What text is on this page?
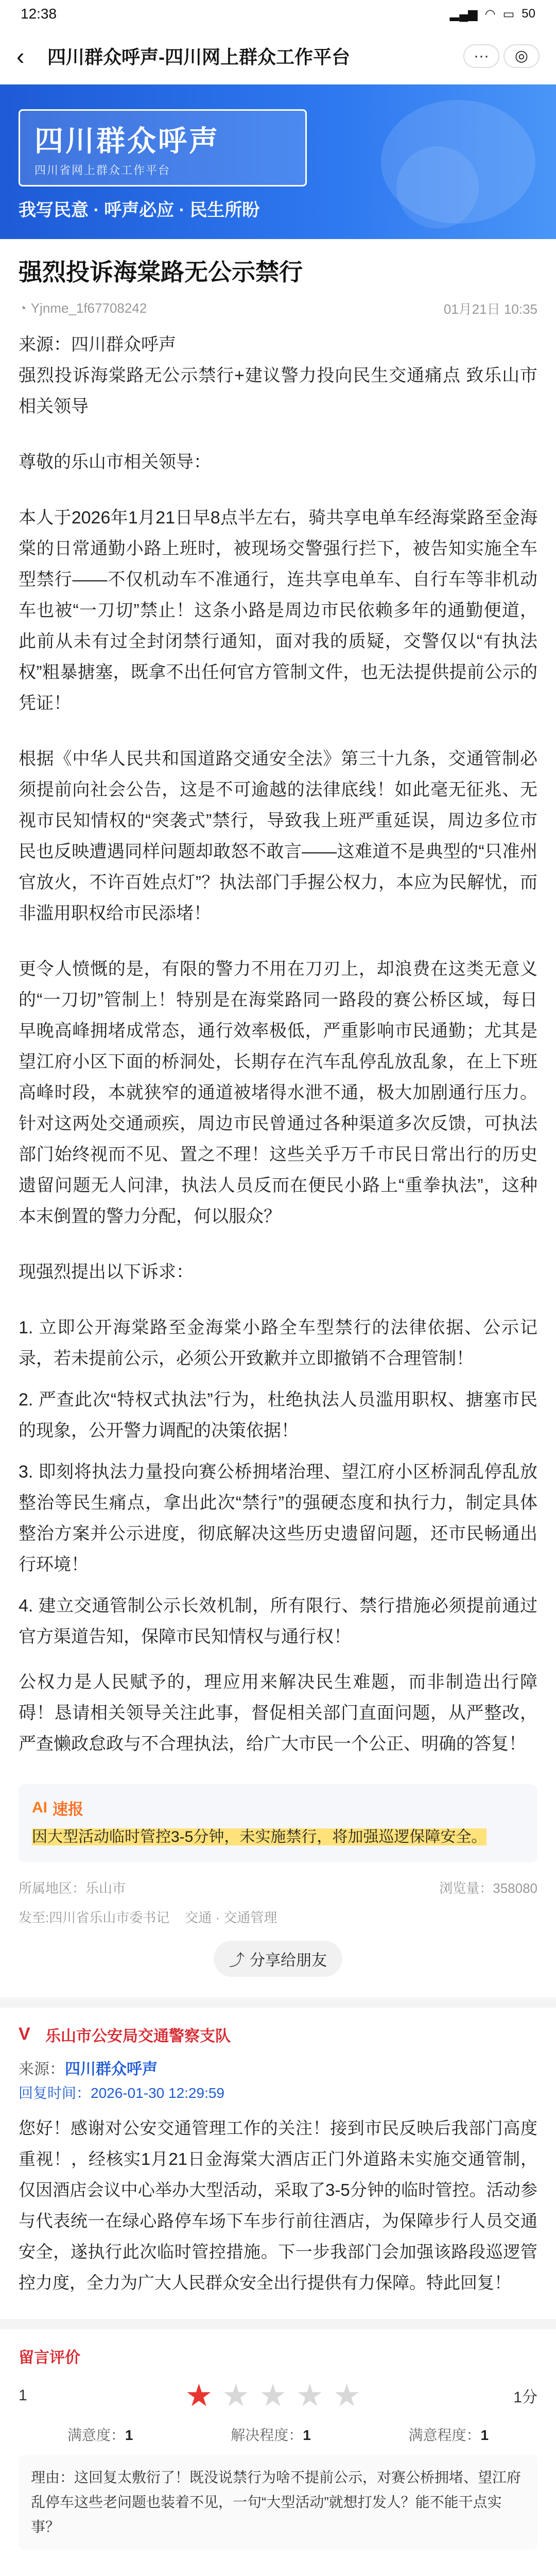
12:38	▂▄▆ ◠ ▭ 50
‹	四川群众呼声-四川网上群众工作平台	···	◎
四川群众呼声
四川省网上群众工作平台
我写民意 · 呼声必应 · 民生所盼
强烈投诉海棠路无公示禁行
◔ Yjnme_1f67708242	01月21日 10:35

来源：四川群众呼声

强烈投诉海棠路无公示禁行+建议警力投向民生交通痛点 致乐山市相关领导

尊敬的乐山市相关领导：

本人于2026年1月21日早8点半左右，骑共享电单车经海棠路至金海棠的日常通勤小路上班时，被现场交警强行拦下，被告知实施全车型禁行——不仅机动车不准通行，连共享电单车、自行车等非机动车也被“一刀切”禁止！这条小路是周边市民依赖多年的通勤便道，此前从未有过全封闭禁行通知，面对我的质疑，交警仅以“有执法权”粗暴搪塞，既拿不出任何官方管制文件，也无法提供提前公示的凭证！

根据《中华人民共和国道路交通安全法》第三十九条，交通管制必须提前向社会公告，这是不可逾越的法律底线！如此毫无征兆、无视市民知情权的“突袭式”禁行，导致我上班严重延误，周边多位市民也反映遭遇同样问题却敢怒不敢言——这难道不是典型的“只准州官放火，不许百姓点灯”？执法部门手握公权力，本应为民解忧，而非滥用职权给市民添堵！

更令人愤慨的是，有限的警力不用在刀刃上，却浪费在这类无意义的“一刀切”管制上！特别是在海棠路同一路段的赛公桥区域，每日早晚高峰拥堵成常态，通行效率极低，严重影响市民通勤；尤其是望江府小区下面的桥洞处，长期存在汽车乱停乱放乱象，在上下班高峰时段，本就狭窄的通道被堵得水泄不通，极大加剧通行压力。针对这两处交通顽疾，周边市民曾通过各种渠道多次反馈，可执法部门始终视而不见、置之不理！这些关乎万千市民日常出行的历史遗留问题无人问津，执法人员反而在便民小路上“重拳执法”，这种本末倒置的警力分配，何以服众？

现强烈提出以下诉求：

1. 立即公开海棠路至金海棠小路全车型禁行的法律依据、公示记录，若未提前公示，必须公开致歉并立即撤销不合理管制！

2. 严查此次“特权式执法”行为，杜绝执法人员滥用职权、搪塞市民的现象，公开警力调配的决策依据！

3. 即刻将执法力量投向赛公桥拥堵治理、望江府小区桥洞乱停乱放整治等民生痛点，拿出此次“禁行”的强硬态度和执行力，制定具体整治方案并公示进度，彻底解决这些历史遗留问题，还市民畅通出行环境！

4. 建立交通管制公示长效机制，所有限行、禁行措施必须提前通过官方渠道告知，保障市民知情权与通行权！

公权力是人民赋予的，理应用来解决民生难题，而非制造出行障碍！恳请相关领导关注此事，督促相关部门直面问题，从严整改，严查懒政怠政与不合理执法，给广大市民一个公正、明确的答复！

AI 速报
因大型活动临时管控3-5分钟，未实施禁行，将加强巡逻保障安全。
所属地区：乐山市	浏览量：358080
发至:四川省乐山市委书记 交通 · 交通管理
⤴ 分享给朋友
V 乐山市公安局交通警察支队
来源：四川群众呼声
回复时间：2026-01-30 12:29:59

您好！感谢对公安交通管理工作的关注！接到市民反映后我部门高度重视！，经核实1月21日金海棠大酒店正门外道路未实施交通管制，仅因酒店会议中心举办大型活动，采取了3-5分钟的临时管控。活动参与代表统一在绿心路停车场下车步行前往酒店，为保障步行人员交通安全，遂执行此次临时管控措施。下一步我部门会加强该路段巡逻管控力度，全力为广大人民群众安全出行提供有力保障。特此回复！

留言评价
1	★ ★ ★ ★ ★	1分
满意度：1	解决程度：1	满意程度：1
理由：这回复太敷衍了！既没说禁行为啥不提前公示，对赛公桥拥堵、望江府乱停车这些老问题也装着不见，一句“大型活动”就想打发人？能不能干点实事？
